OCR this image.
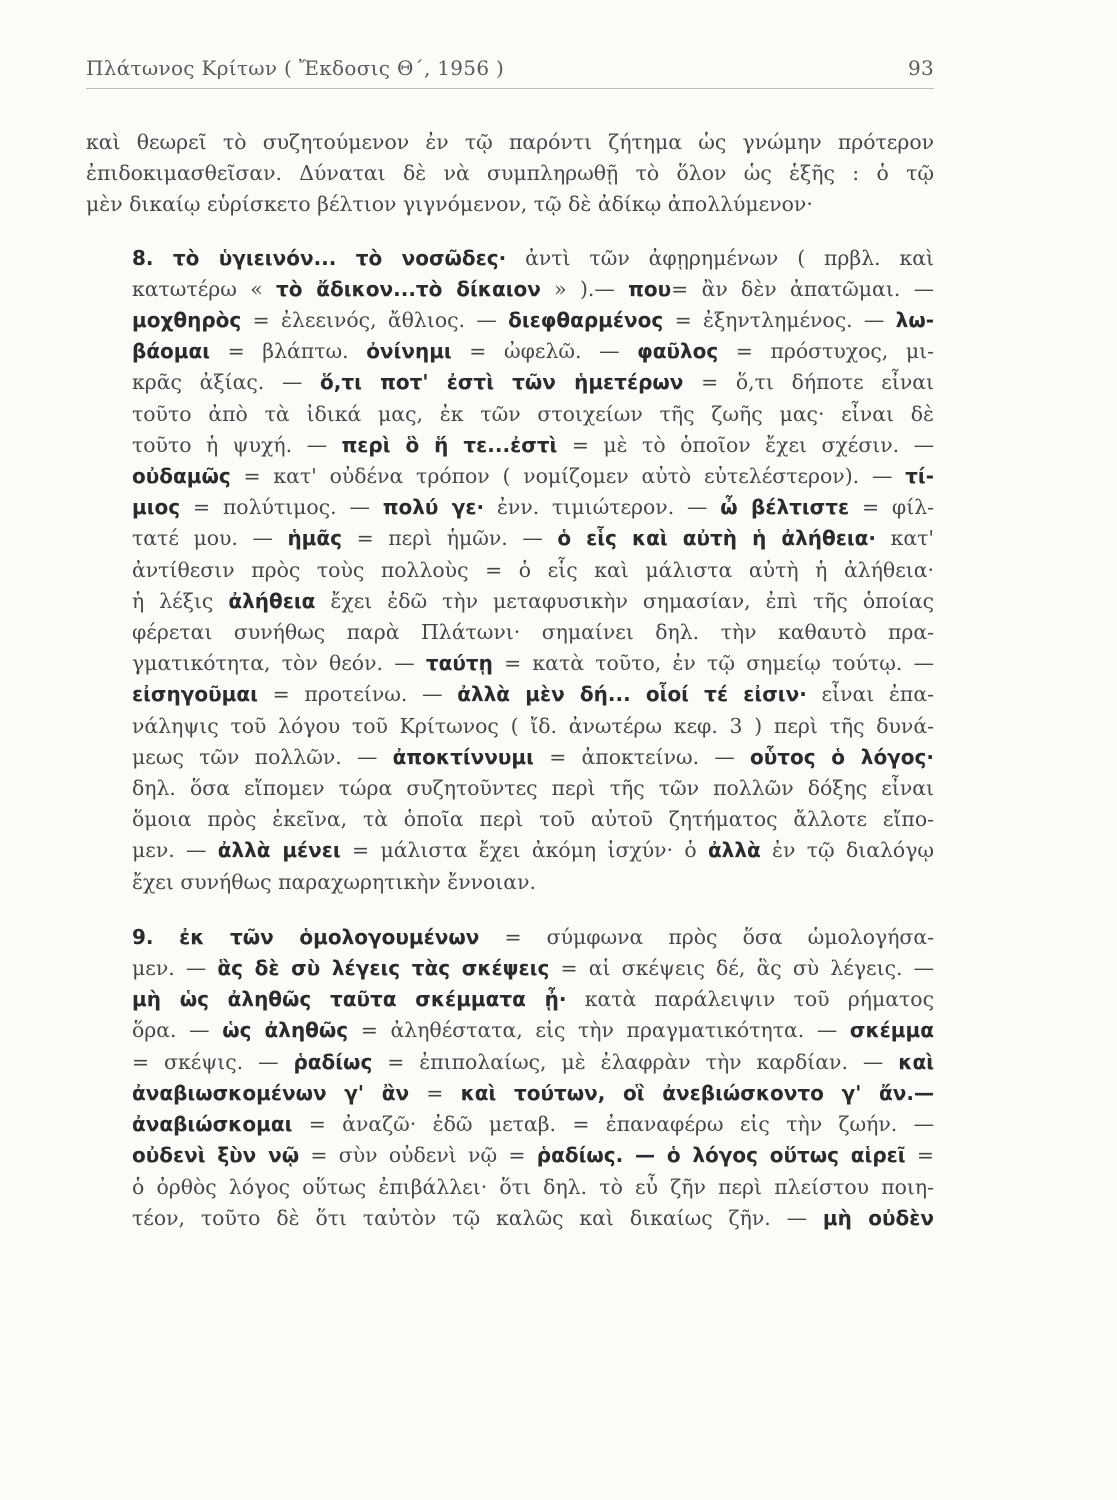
Πλάτωνος Κρίτων ( Ἔκδοσις Θ΄, 1956 )	93
καὶ θεωρεῖ τὸ συζητούμενον ἐν τῷ παρόντι ζήτημα ὡς γνώμην πρότερον
ἐπιδοκιμασθεῖσαν. Δύναται δὲ νὰ συμπληρωθῇ τὸ ὅλον ὡς ἑξῆς : ὁ τῷ
μὲν δικαίῳ εὑρίσκετο βέλτιον γιγνόμενον, τῷ δὲ ἀδίκῳ ἀπολλύμενον·
8. τὸ ὑγιεινόν... τὸ νοσῶδες· ἀντὶ τῶν ἀφῃρημένων ( πρβλ. καὶ
κατωτέρω « τὸ ἄδικον...τὸ δίκαιον » ).— που= ἂν δὲν ἀπατῶμαι. —
μοχθηρὸς = ἐλεεινός, ἄθλιος. — διεφθαρμένος = ἐξηντλημένος. — λω-
βάομαι = βλάπτω. ὀνίνημι = ὠφελῶ. — φαῦλος = πρόστυχος, μι-
κρᾶς ἀξίας. — ὅ,τι ποτ' ἐστὶ τῶν ἡμετέρων = ὅ,τι δήποτε εἶναι
τοῦτο ἀπὸ τὰ ἰδικά μας, ἐκ τῶν στοιχείων τῆς ζωῆς μας· εἶναι δὲ
τοῦτο ἡ ψυχή. — περὶ ὃ ἥ τε...ἐστὶ = μὲ τὸ ὁποῖον ἔχει σχέσιν. —
οὐδαμῶς = κατ' οὐδένα τρόπον ( νομίζομεν αὐτὸ εὐτελέστερον). — τί-
μιος = πολύτιμος. — πολύ γε· ἐνν. τιμιώτερον. — ὦ βέλτιστε = φίλ-
τατέ μου. — ἡμᾶς = περὶ ἡμῶν. — ὁ εἷς καὶ αὐτὴ ἡ ἀλήθεια· κατ'
ἀντίθεσιν πρὸς τοὺς πολλοὺς = ὁ εἷς καὶ μάλιστα αὐτὴ ἡ ἀλήθεια·
ἡ λέξις ἀλήθεια ἔχει ἐδῶ τὴν μεταφυσικὴν σημασίαν, ἐπὶ τῆς ὁποίας
φέρεται συνήθως παρὰ Πλάτωνι· σημαίνει δηλ. τὴν καθαυτὸ πρα-
γματικότητα, τὸν θεόν. — ταύτῃ = κατὰ τοῦτο, ἐν τῷ σημείῳ τούτῳ. —
εἰσηγοῦμαι = προτείνω. — ἀλλὰ μὲν δή... οἷοί τέ εἰσιν· εἶναι ἐπα-
νάληψις τοῦ λόγου τοῦ Κρίτωνος ( ἴδ. ἀνωτέρω κεφ. 3 ) περὶ τῆς δυνά-
μεως τῶν πολλῶν. — ἀποκτίννυμι = ἀποκτείνω. — οὗτος ὁ λόγος·
δηλ. ὅσα εἴπομεν τώρα συζητοῦντες περὶ τῆς τῶν πολλῶν δόξης εἶναι
ὅμοια πρὸς ἐκεῖνα, τὰ ὁποῖα περὶ τοῦ αὐτοῦ ζητήματος ἄλλοτε εἴπο-
μεν. — ἀλλὰ μένει = μάλιστα ἔχει ἀκόμη ἰσχύν· ὁ ἀλλὰ ἐν τῷ διαλόγῳ
ἔχει συνήθως παραχωρητικὴν ἔννοιαν.
9. ἐκ τῶν ὁμολογουμένων = σύμφωνα πρὸς ὅσα ὡμολογήσα-
μεν. — ἃς δὲ σὺ λέγεις τὰς σκέψεις = αἱ σκέψεις δέ, ἃς σὺ λέγεις. —
μὴ ὡς ἀληθῶς ταῦτα σκέμματα ᾖ· κατὰ παράλειψιν τοῦ ρήματος
ὅρα. — ὡς ἀληθῶς = ἀληθέστατα, εἰς τὴν πραγματικότητα. — σκέμμα
= σκέψις. — ῥαδίως = ἐπιπολαίως, μὲ ἐλαφρὰν τὴν καρδίαν. — καὶ
ἀναβιωσκομένων γ' ἂν = καὶ τούτων, οἳ ἀνεβιώσκοντο γ' ἄν.—
ἀναβιώσκομαι = ἀναζῶ· ἐδῶ μεταβ. = ἐπαναφέρω εἰς τὴν ζωήν. —
οὐδενὶ ξὺν νῷ = σὺν οὐδενὶ νῷ = ῥαδίως. — ὁ λόγος οὕτως αἱρεῖ =
ὁ ὀρθὸς λόγος οὕτως ἐπιβάλλει· ὅτι δηλ. τὸ εὖ ζῆν περὶ πλείστου ποιη-
τέον, τοῦτο δὲ ὅτι ταὐτὸν τῷ καλῶς καὶ δικαίως ζῆν. — μὴ οὐδὲν
